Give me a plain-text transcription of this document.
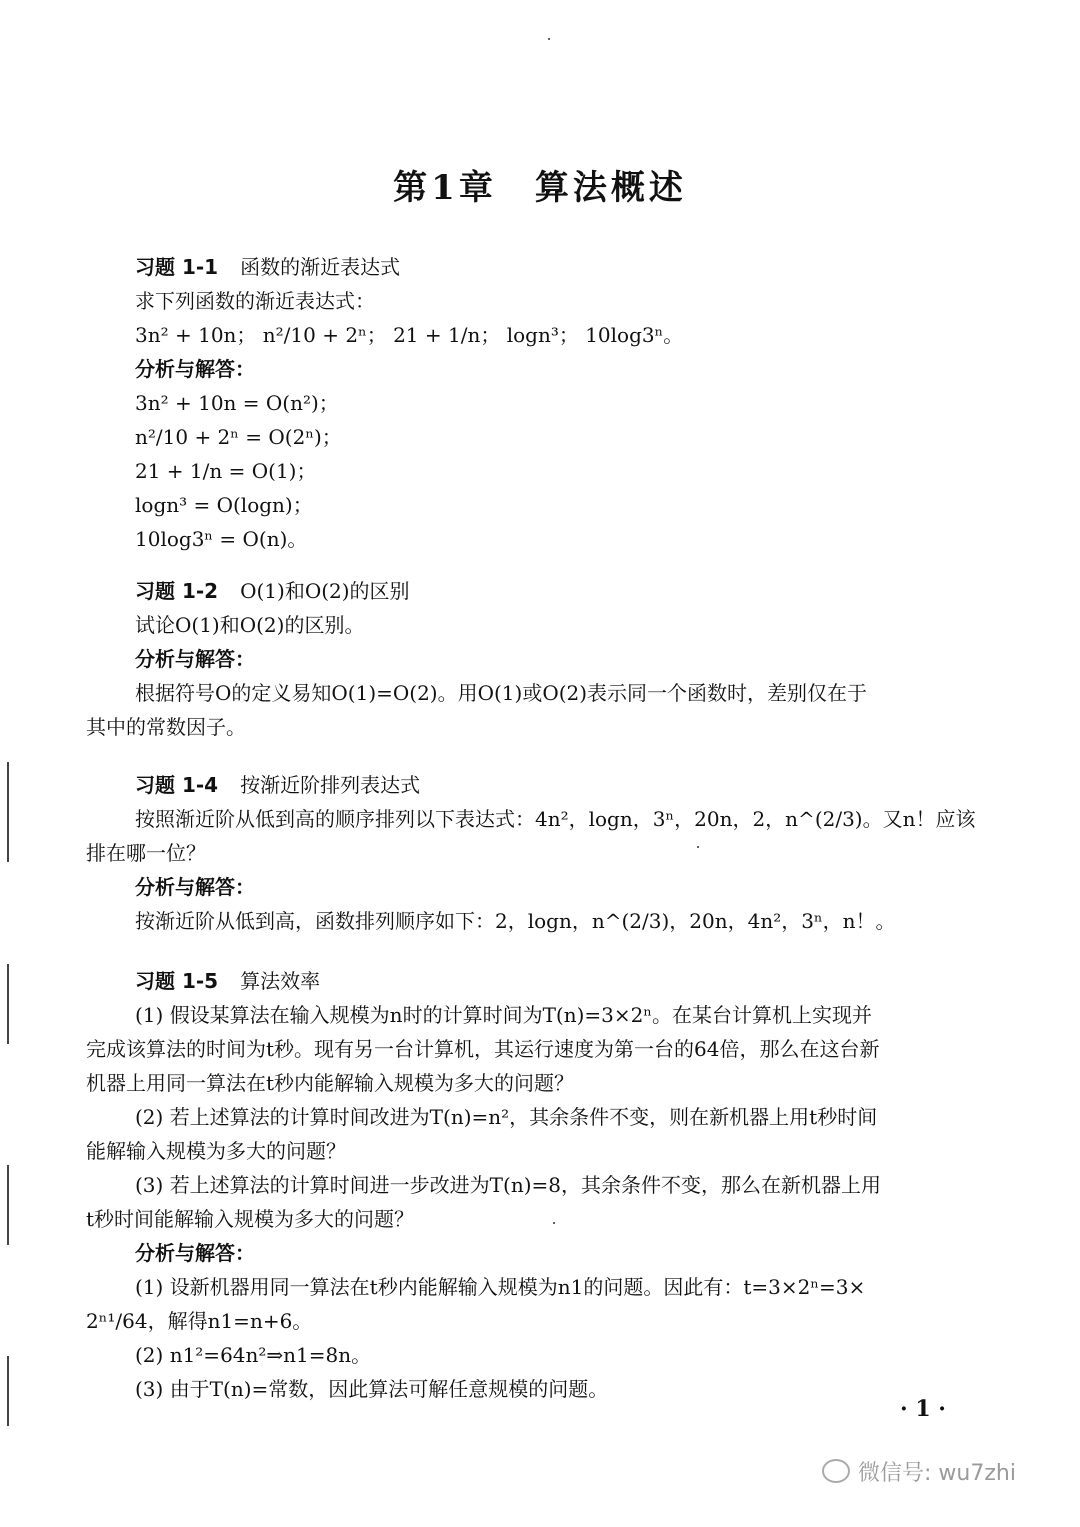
第1章　算法概述
习题 1-1 函数的渐近表达式
求下列函数的渐近表达式：
3n² + 10n； n²/10 + 2ⁿ； 21 + 1/n； logn³； 10log3ⁿ。
分析与解答：
3n² + 10n = O(n²)；
n²/10 + 2ⁿ = O(2ⁿ)；
21 + 1/n = O(1)；
logn³ = O(logn)；
10log3ⁿ = O(n)。
习题 1-2 O(1)和O(2)的区别
试论O(1)和O(2)的区别。
分析与解答：
根据符号O的定义易知O(1)=O(2)。用O(1)或O(2)表示同一个函数时，差别仅在于
其中的常数因子。
习题 1-4 按渐近阶排列表达式
按照渐近阶从低到高的顺序排列以下表达式：4n²，logn，3ⁿ，20n，2，n^(2/3)。又n！应该
排在哪一位？
分析与解答：
按渐近阶从低到高，函数排列顺序如下：2，logn，n^(2/3)，20n，4n²，3ⁿ，n！。
习题 1-5 算法效率
(1) 假设某算法在输入规模为n时的计算时间为T(n)=3×2ⁿ。在某台计算机上实现并
完成该算法的时间为t秒。现有另一台计算机，其运行速度为第一台的64倍，那么在这台新
机器上用同一算法在t秒内能解输入规模为多大的问题？
(2) 若上述算法的计算时间改进为T(n)=n²，其余条件不变，则在新机器上用t秒时间
能解输入规模为多大的问题？
(3) 若上述算法的计算时间进一步改进为T(n)=8，其余条件不变，那么在新机器上用
t秒时间能解输入规模为多大的问题？
分析与解答：
(1) 设新机器用同一算法在t秒内能解输入规模为n1的问题。因此有：t=3×2ⁿ=3×
2ⁿ¹/64，解得n1=n+6。
(2) n1²=64n²⇒n1=8n。
(3) 由于T(n)=常数，因此算法可解任意规模的问题。
· 1 ·
微信号: wu7zhi
